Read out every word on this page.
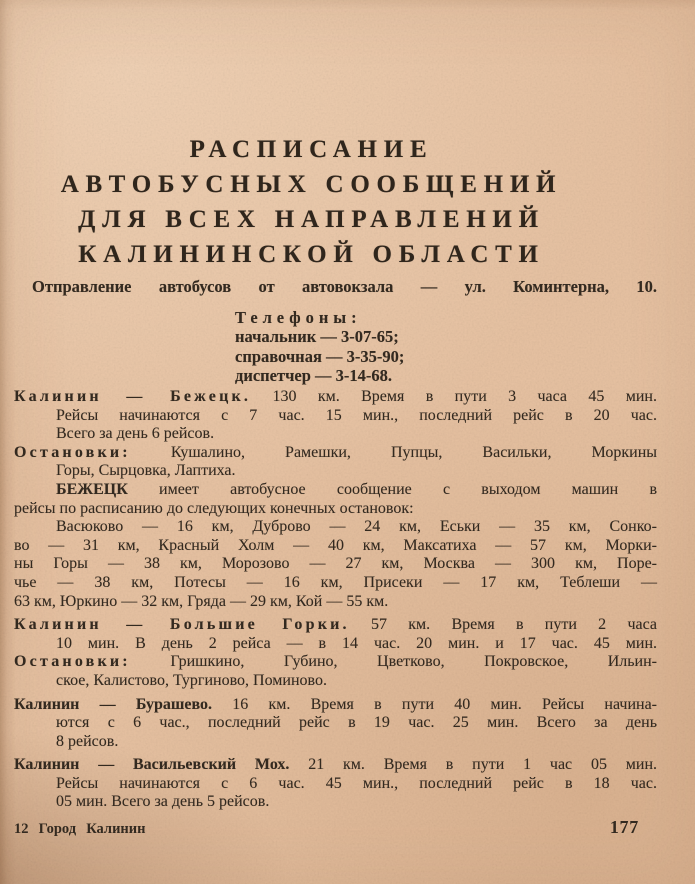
РАСПИСАНИЕ
АВТОБУСНЫХ СООБЩЕНИЙ
ДЛЯ ВСЕХ НАПРАВЛЕНИЙ
КАЛИНИНСКОЙ ОБЛАСТИ

Отправление автобусов от автовокзала — ул. Коминтерна, 10.

Телефоны:
начальник — 3-07-65;
справочная — 3-35-90;
диспетчер — 3-14-68.
Калинин — Бежецк. 130 км. Время в пути 3 часа 45 мин.
Рейсы начинаются с 7 час. 15 мин., последний рейс в 20 час.
Всего за день 6 рейсов.
Остановки: Кушалино, Рамешки, Пупцы, Васильки, Моркины
Горы, Сырцовка, Лаптиха.
БЕЖЕЦК имеет автобусное сообщение с выходом машин в
рейсы по расписанию до следующих конечных остановок:
Васюково — 16 км, Дуброво — 24 км, Еськи — 35 км, Сонко-
во — 31 км, Красный Холм — 40 км, Максатиха — 57 км, Морки-
ны Горы — 38 км, Морозово — 27 км, Москва — 300 км, Поре-
чье — 38 км, Потесы — 16 км, Присеки — 17 км, Теблеши —
63 км, Юркино — 32 км, Гряда — 29 км, Кой — 55 км.
Калинин — Большие Горки. 57 км. Время в пути 2 часа
10 мин. В день 2 рейса — в 14 час. 20 мин. и 17 час. 45 мин.
Остановки: Гришкино, Губино, Цветково, Покровское, Ильин-
ское, Калистово, Тургиново, Поминово.
Калинин — Бурашево. 16 км. Время в пути 40 мин. Рейсы начина-
ются с 6 час., последний рейс в 19 час. 25 мин. Всего за день
8 рейсов.
Калинин — Васильевский Мох. 21 км. Время в пути 1 час 05 мин.
Рейсы начинаются с 6 час. 45 мин., последний рейс в 18 час.
05 мин. Всего за день 5 рейсов.
12 Город Калинин	177
